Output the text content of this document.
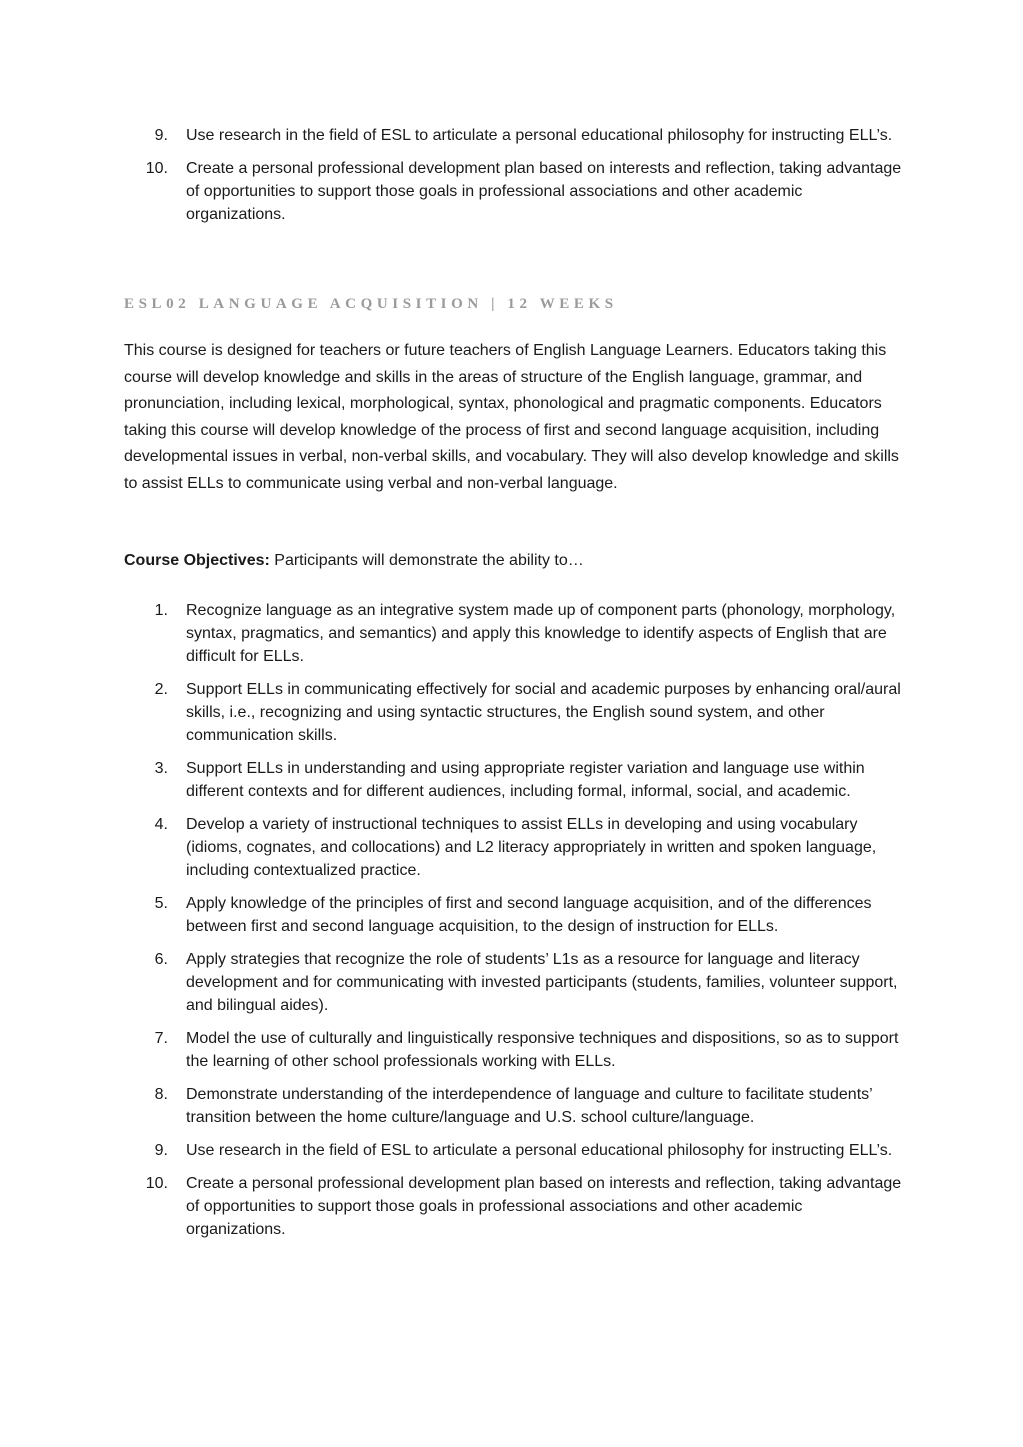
9. Use research in the field of ESL to articulate a personal educational philosophy for instructing ELL’s.
10. Create a personal professional development plan based on interests and reflection, taking advantage of opportunities to support those goals in professional associations and other academic organizations.
ESL02 LANGUAGE ACQUISITION | 12 WEEKS

This course is designed for teachers or future teachers of English Language Learners. Educators taking this course will develop knowledge and skills in the areas of structure of the English language, grammar, and pronunciation, including lexical, morphological, syntax, phonological and pragmatic components. Educators taking this course will develop knowledge of the process of first and second language acquisition, including developmental issues in verbal, non-verbal skills, and vocabulary. They will also develop knowledge and skills to assist ELLs to communicate using verbal and non-verbal language.

Course Objectives: Participants will demonstrate the ability to…

1. Recognize language as an integrative system made up of component parts (phonology, morphology, syntax, pragmatics, and semantics) and apply this knowledge to identify aspects of English that are difficult for ELLs.
2. Support ELLs in communicating effectively for social and academic purposes by enhancing oral/aural skills, i.e., recognizing and using syntactic structures, the English sound system, and other communication skills.
3. Support ELLs in understanding and using appropriate register variation and language use within different contexts and for different audiences, including formal, informal, social, and academic.
4. Develop a variety of instructional techniques to assist ELLs in developing and using vocabulary (idioms, cognates, and collocations) and L2 literacy appropriately in written and spoken language, including contextualized practice.
5. Apply knowledge of the principles of first and second language acquisition, and of the differences between first and second language acquisition, to the design of instruction for ELLs.
6. Apply strategies that recognize the role of students’ L1s as a resource for language and literacy development and for communicating with invested participants (students, families, volunteer support, and bilingual aides).
7. Model the use of culturally and linguistically responsive techniques and dispositions, so as to support the learning of other school professionals working with ELLs.
8. Demonstrate understanding of the interdependence of language and culture to facilitate students’ transition between the home culture/language and U.S. school culture/language.
9. Use research in the field of ESL to articulate a personal educational philosophy for instructing ELL’s.
10. Create a personal professional development plan based on interests and reflection, taking advantage of opportunities to support those goals in professional associations and other academic organizations.
